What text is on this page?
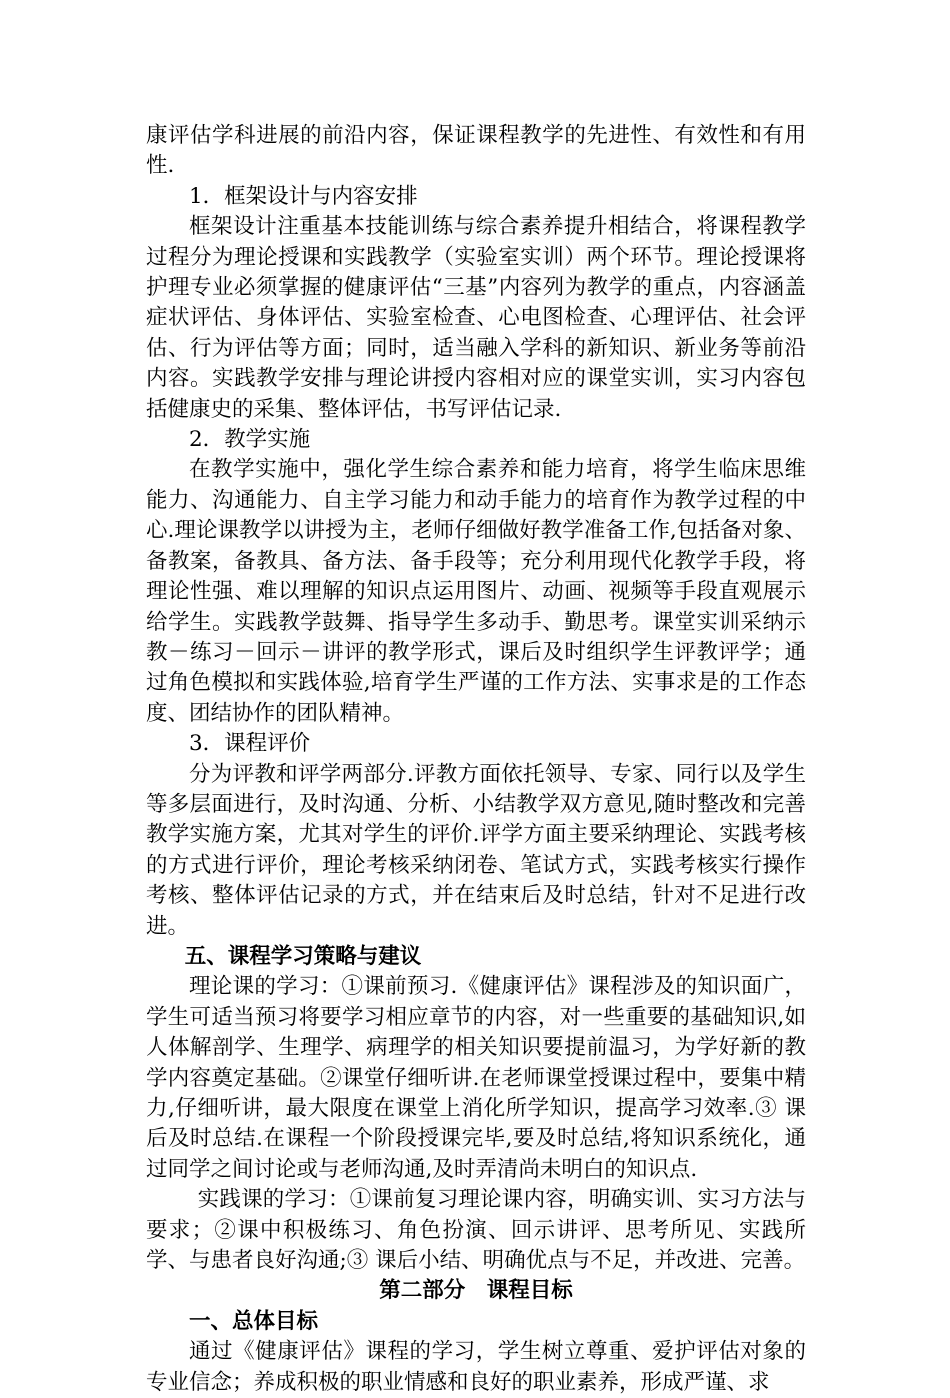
康评估学科进展的前沿内容，保证课程教学的先进性、有效性和有用性.

1．框架设计与内容安排

框架设计注重基本技能训练与综合素养提升相结合，将课程教学过程分为理论授课和实践教学（实验室实训）两个环节。理论授课将护理专业必须掌握的健康评估“三基”内容列为教学的重点，内容涵盖症状评估、身体评估、实验室检查、心电图检查、心理评估、社会评估、行为评估等方面；同时，适当融入学科的新知识、新业务等前沿内容。实践教学安排与理论讲授内容相对应的课堂实训，实习内容包括健康史的采集、整体评估，书写评估记录.

2．教学实施

在教学实施中，强化学生综合素养和能力培育，将学生临床思维能力、沟通能力、自主学习能力和动手能力的培育作为教学过程的中心.理论课教学以讲授为主，老师仔细做好教学准备工作,包括备对象、备教案，备教具、备方法、备手段等；充分利用现代化教学手段，将理论性强、难以理解的知识点运用图片、动画、视频等手段直观展示给学生。实践教学鼓舞、指导学生多动手、勤思考。课堂实训采纳示教－练习－回示－讲评的教学形式，课后及时组织学生评教评学；通过角色模拟和实践体验,培育学生严谨的工作方法、实事求是的工作态度、团结协作的团队精神。

3．课程评价

分为评教和评学两部分.评教方面依托领导、专家、同行以及学生等多层面进行，及时沟通、分析、小结教学双方意见,随时整改和完善教学实施方案，尤其对学生的评价.评学方面主要采纳理论、实践考核的方式进行评价，理论考核采纳闭卷、笔试方式，实践考核实行操作考核、整体评估记录的方式，并在结束后及时总结，针对不足进行改进。

五、课程学习策略与建议

理论课的学习：①课前预习.《健康评估》课程涉及的知识面广，学生可适当预习将要学习相应章节的内容，对一些重要的基础知识,如人体解剖学、生理学、病理学的相关知识要提前温习，为学好新的教学内容奠定基础。②课堂仔细听讲.在老师课堂授课过程中，要集中精力,仔细听讲，最大限度在课堂上消化所学知识，提高学习效率.③ 课后及时总结.在课程一个阶段授课完毕,要及时总结,将知识系统化，通过同学之间讨论或与老师沟通,及时弄清尚未明白的知识点.

实践课的学习：①课前复习理论课内容，明确实训、实习方法与要求；②课中积极练习、角色扮演、回示讲评、思考所见、实践所学、与患者良好沟通;③ 课后小结、明确优点与不足，并改进、完善。

第二部分　课程目标

一、总体目标

通过《健康评估》课程的学习，学生树立尊重、爱护评估对象的专业信念；养成积极的职业情感和良好的职业素养，形成严谨、求
